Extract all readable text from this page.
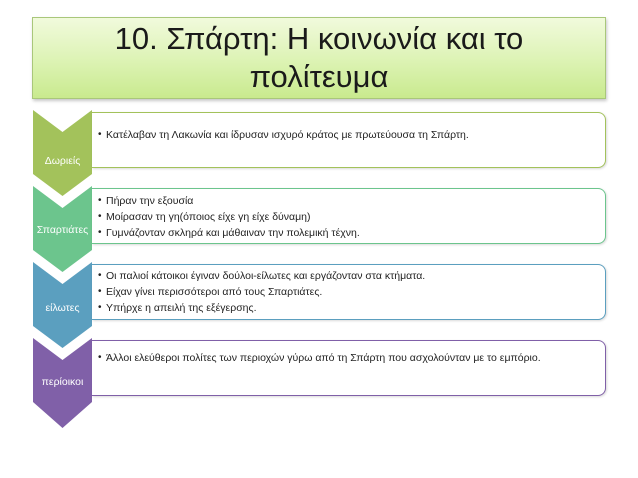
10. Σπάρτη: Η κοινωνία και το
πολίτευμα
Δωριείς
• Κατέλαβαν τη Λακωνία και ίδρυσαν ισχυρό κράτος με πρωτεύουσα τη Σπάρτη.
Σπαρτιάτες
• Πήραν την εξουσία
• Μοίρασαν τη γη(όποιος είχε γη είχε δύναμη)
• Γυμνάζονταν σκληρά και μάθαιναν την πολεμική τέχνη.
είλωτες
• Οι παλιοί κάτοικοι έγιναν δούλοι-είλωτες και εργάζονταν στα κτήματα.
• Είχαν γίνει περισσότεροι από τους Σπαρτιάτες.
• Υπήρχε η απειλή της εξέγερσης.
περίοικοι
• Άλλοι ελεύθεροι πολίτες των περιοχών γύρω από τη Σπάρτη που ασχολούνταν με το εμπόριο.
